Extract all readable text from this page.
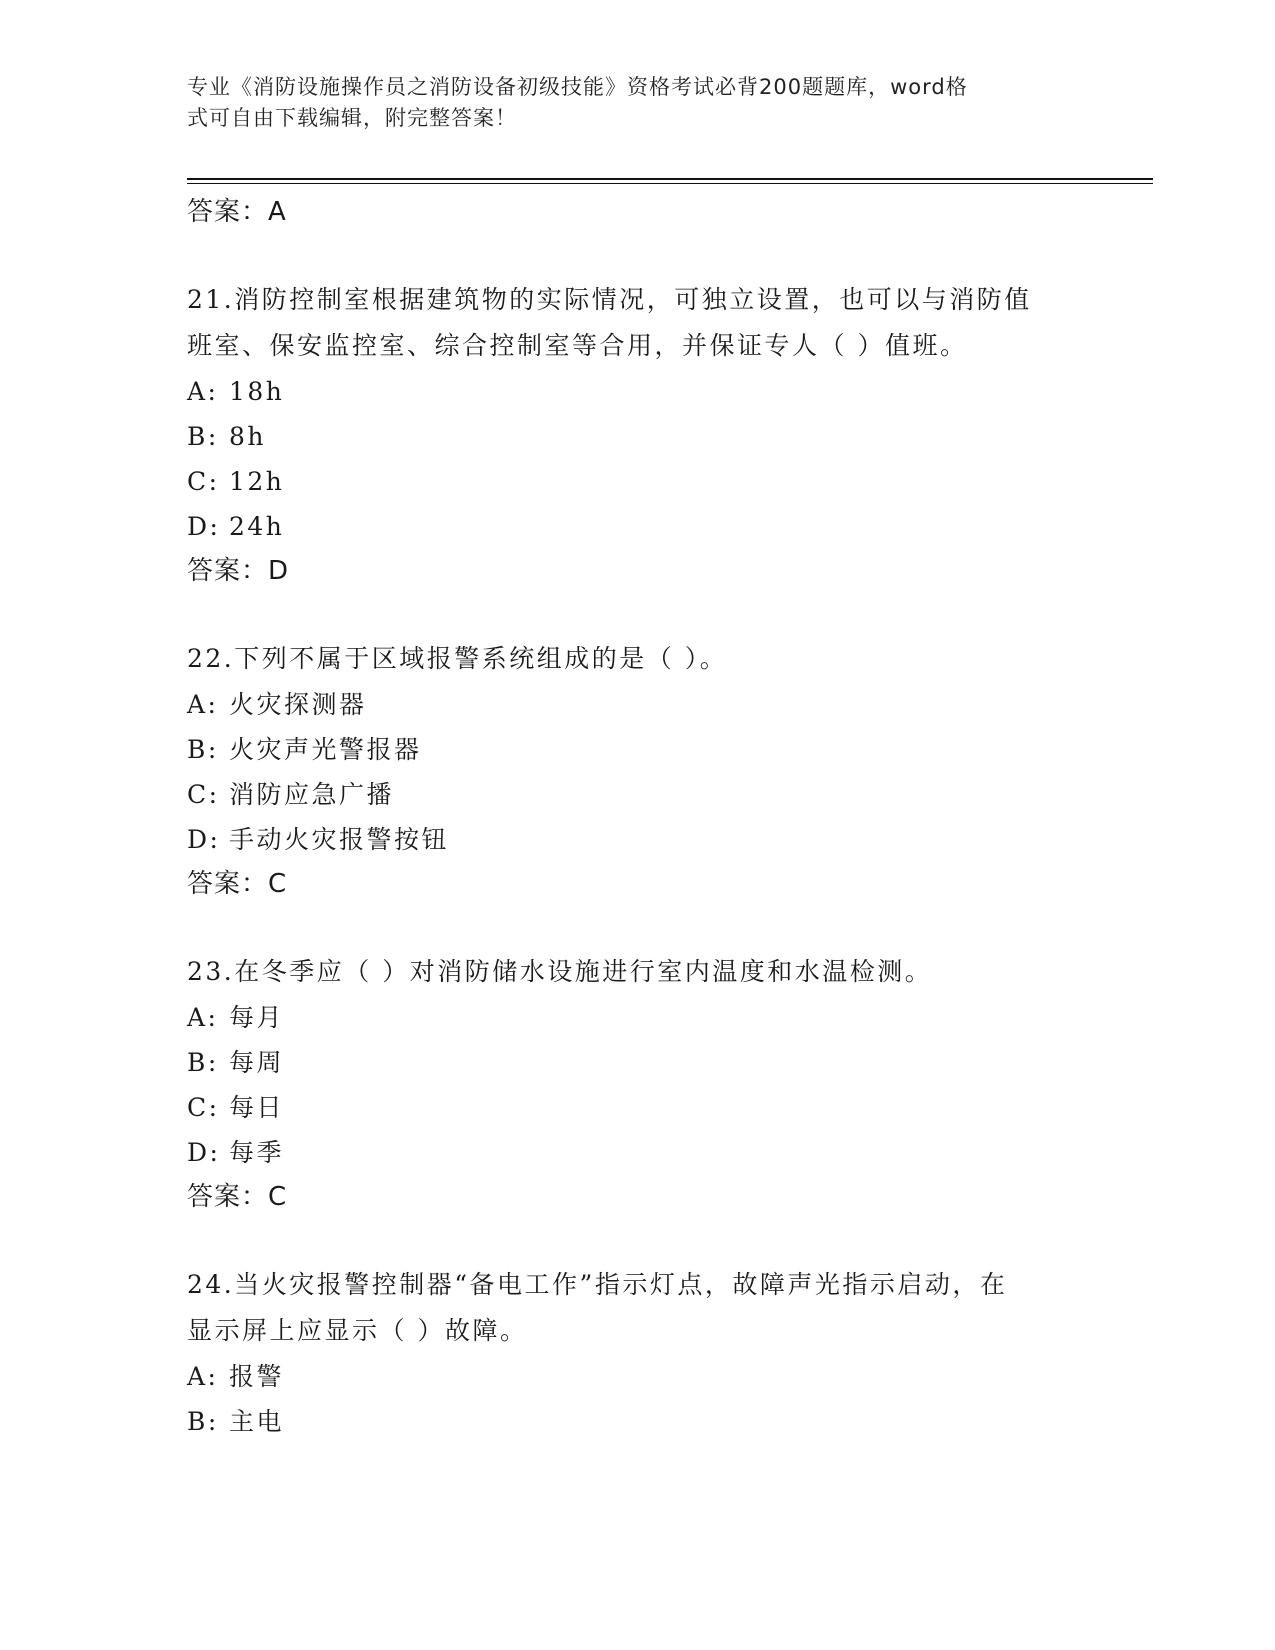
专业《消防设施操作员之消防设备初级技能》资格考试必背200题题库，word格
式可自由下载编辑，附完整答案！
答案：A
21.消防控制室根据建筑物的实际情况，可独立设置，也可以与消防值
班室、保安监控室、综合控制室等合用，并保证专人（ ）值班。
A: 18h
B: 8h
C: 12h
D: 24h
答案：D
22.下列不属于区域报警系统组成的是（ ）。
A: 火灾探测器
B: 火灾声光警报器
C: 消防应急广播
D: 手动火灾报警按钮
答案：C
23.在冬季应（ ）对消防储水设施进行室内温度和水温检测。
A: 每月
B: 每周
C: 每日
D: 每季
答案：C
24.当火灾报警控制器“备电工作”指示灯点，故障声光指示启动，在
显示屏上应显示（ ）故障。
A: 报警
B: 主电
